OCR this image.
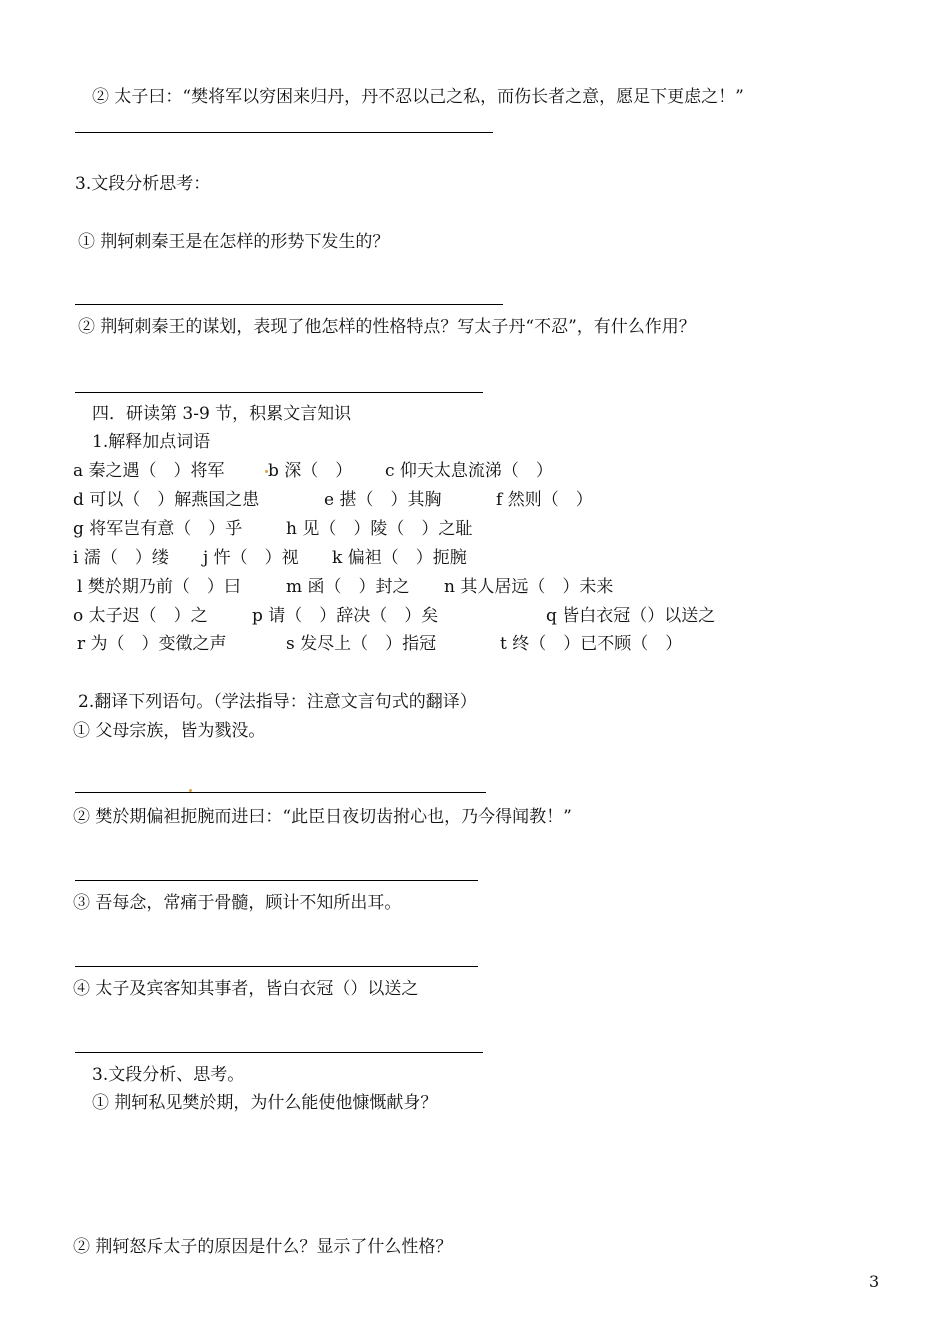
② 太子曰：“樊将军以穷困来归丹，丹不忍以己之私，而伤长者之意，愿足下更虑之！”
3.文段分析思考：
① 荆轲刺秦王是在怎样的形势下发生的？
② 荆轲刺秦王的谋划，表现了他怎样的性格特点？写太子丹“不忍”，有什么作用？
四．研读第 3-9 节，积累文言知识
1.解释加点词语
a 秦之遇（　）将军	b 深（　） c 仰天太息流涕（　）
d 可以（　）解燕国之患	e 揕（　）其胸	f 然则（　）
g 将军岂有意（　）乎	h 见（　）陵（　）之耻
i 濡（　）缕 j 忤（　）视 k 偏袒（　）扼腕
l 樊於期乃前（　）曰	m 函（　）封之 n 其人居远（　）未来
o 太子迟（　）之	p 请（　）辞决（　）矣	q 皆白衣冠（）以送之
r 为（　）变徵之声	s 发尽上（　）指冠	t 终（　）已不顾（　）
2.翻译下列语句。（学法指导：注意文言句式的翻译）
① 父母宗族，皆为戮没。
② 樊於期偏袒扼腕而进曰：“此臣日夜切齿拊心也，乃今得闻教！”
③ 吾每念，常痛于骨髓，顾计不知所出耳。
④ 太子及宾客知其事者，皆白衣冠（）以送之
3.文段分析、思考。
① 荆轲私见樊於期，为什么能使他慷慨献身？
② 荆轲怒斥太子的原因是什么？显示了什么性格？
3
